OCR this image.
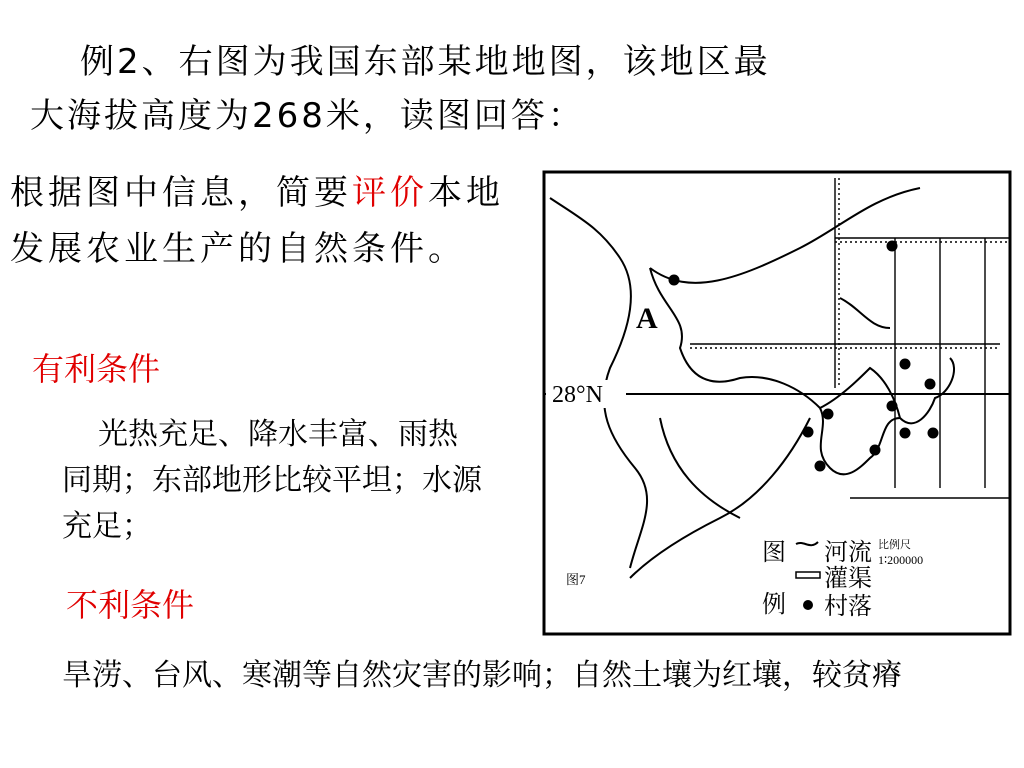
例2、右图为我国东部某地地图，该地区最
大海拔高度为268米，读图回答：
根据图中信息，简要评价本地发展农业生产的自然条件。
有利条件
光热充足、降水丰富、雨热同期；东部地形比较平坦；水源充足；
不利条件
旱涝、台风、寒潮等自然灾害的影响；自然土壤为红壤，较贫瘠
28°N
A
图7
比例尺
1∶200000
图
例
河流
灌渠
村落
